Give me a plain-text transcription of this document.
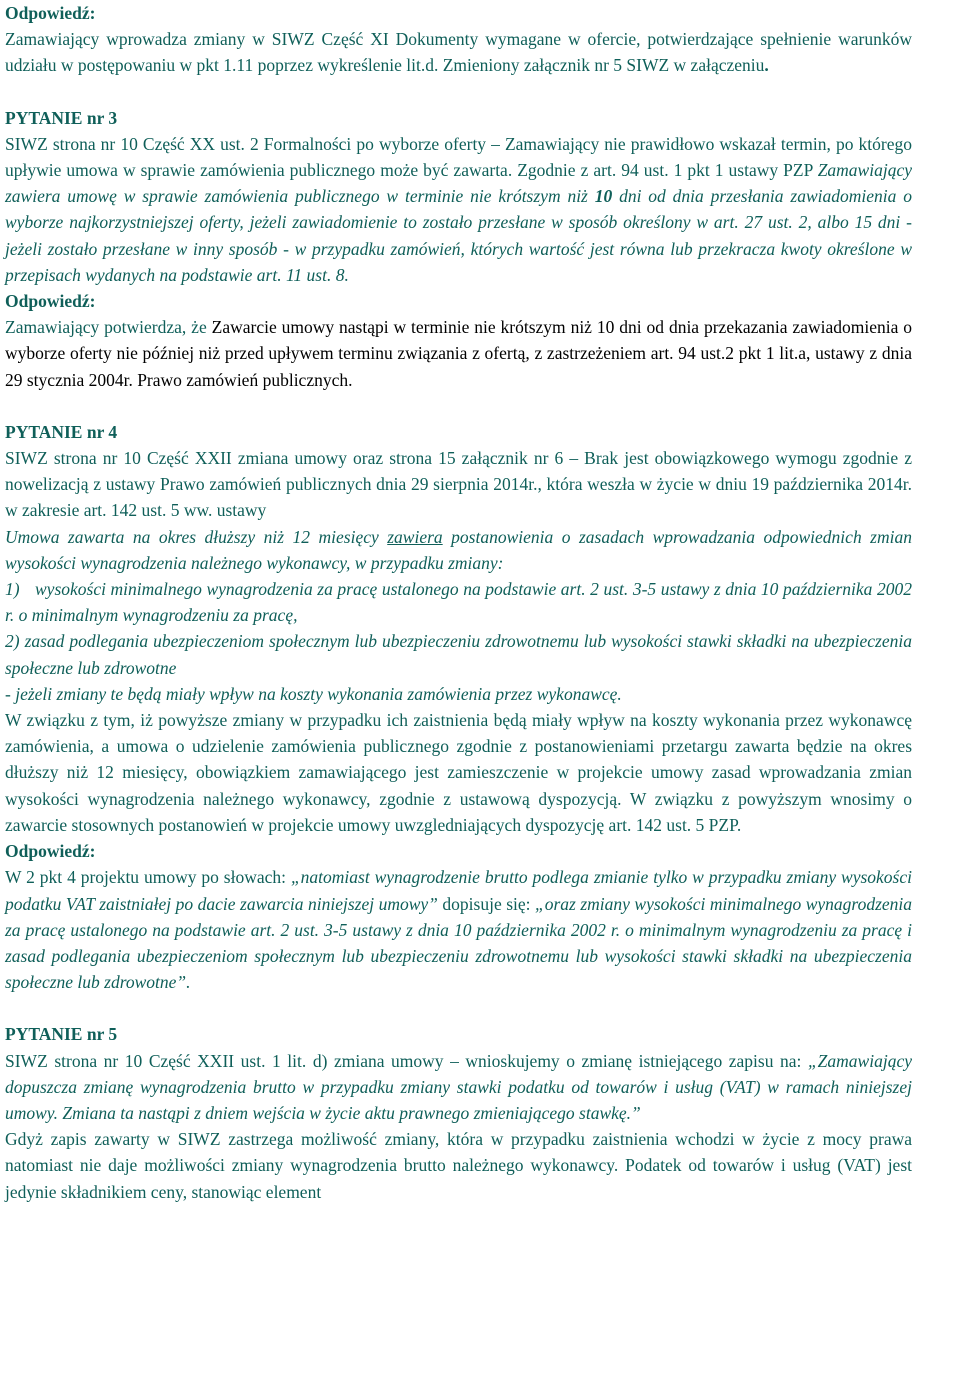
Odpowiedź:

Zamawiający wprowadza zmiany w SIWZ Część XI Dokumenty wymagane w ofercie, potwierdzające spełnienie warunków udziału w postępowaniu w pkt 1.11 poprzez wykreślenie lit.d. Zmieniony załącznik nr 5 SIWZ w załączeniu.

PYTANIE nr 3

SIWZ strona nr 10 Część XX ust. 2 Formalności po wyborze oferty – Zamawiający nie prawidłowo wskazał termin, po którego upływie umowa w sprawie zamówienia publicznego może być zawarta. Zgodnie z art. 94 ust. 1 pkt 1 ustawy PZP Zamawiający zawiera umowę w sprawie zamówienia publicznego w terminie nie krótszym niż 10 dni od dnia przesłania zawiadomienia o wyborze najkorzystniejszej oferty, jeżeli zawiadomienie to zostało przesłane w sposób określony w art. 27 ust. 2, albo 15 dni - jeżeli zostało przesłane w inny sposób - w przypadku zamówień, których wartość jest równa lub przekracza kwoty określone w przepisach wydanych na podstawie art. 11 ust. 8.

Odpowiedź:

Zamawiający potwierdza, że Zawarcie umowy nastąpi w terminie nie krótszym niż 10 dni od dnia przekazania zawiadomienia o wyborze oferty nie później niż przed upływem terminu związania z ofertą, z zastrzeżeniem art. 94 ust.2 pkt 1 lit.a, ustawy z dnia 29 stycznia 2004r. Prawo zamówień publicznych.

PYTANIE nr 4

SIWZ strona nr 10 Część XXII zmiana umowy oraz strona 15 załącznik nr 6 – Brak jest obowiązkowego wymogu zgodnie z nowelizacją z ustawy Prawo zamówień publicznych dnia 29 sierpnia 2014r., która weszła w życie w dniu 19 października 2014r. w zakresie art. 142 ust. 5 ww. ustawy

Umowa zawarta na okres dłuższy niż 12 miesięcy zawiera postanowienia o zasadach wprowadzania odpowiednich zmian wysokości wynagrodzenia należnego wykonawcy, w przypadku zmiany:

1) wysokości minimalnego wynagrodzenia za pracę ustalonego na podstawie art. 2 ust. 3-5 ustawy z dnia 10 października 2002 r. o minimalnym wynagrodzeniu za pracę,

2) zasad podlegania ubezpieczeniom społecznym lub ubezpieczeniu zdrowotnemu lub wysokości stawki składki na ubezpieczenia społeczne lub zdrowotne

- jeżeli zmiany te będą miały wpływ na koszty wykonania zamówienia przez wykonawcę.

W związku z tym, iż powyższe zmiany w przypadku ich zaistnienia będą miały wpływ na koszty wykonania przez wykonawcę zamówienia, a umowa o udzielenie zamówienia publicznego zgodnie z postanowieniami przetargu zawarta będzie na okres dłuższy niż 12 miesięcy, obowiązkiem zamawiającego jest zamieszczenie w projekcie umowy zasad wprowadzania zmian wysokości wynagrodzenia należnego wykonawcy, zgodnie z ustawową dyspozycją. W związku z powyższym wnosimy o zawarcie stosownych postanowień w projekcie umowy uwzgledniających dyspozycję art. 142 ust. 5 PZP.

Odpowiedź:

W 2 pkt 4 projektu umowy po słowach: „natomiast wynagrodzenie brutto podlega zmianie tylko w przypadku zmiany wysokości podatku VAT zaistniałej po dacie zawarcia niniejszej umowy” dopisuje się: „oraz zmiany wysokości minimalnego wynagrodzenia za pracę ustalonego na podstawie art. 2 ust. 3-5 ustawy z dnia 10 października 2002 r. o minimalnym wynagrodzeniu za pracę i zasad podlegania ubezpieczeniom społecznym lub ubezpieczeniu zdrowotnemu lub wysokości stawki składki na ubezpieczenia społeczne lub zdrowotne”.

PYTANIE nr 5

SIWZ strona nr 10 Część XXII ust. 1 lit. d) zmiana umowy – wnioskujemy o zmianę istniejącego zapisu na: „Zamawiający dopuszcza zmianę wynagrodzenia brutto w przypadku zmiany stawki podatku od towarów i usług (VAT) w ramach niniejszej umowy. Zmiana ta nastąpi z dniem wejścia w życie aktu prawnego zmieniającego stawkę.”

Gdyż zapis zawarty w SIWZ zastrzega możliwość zmiany, która w przypadku zaistnienia wchodzi w życie z mocy prawa natomiast nie daje możliwości zmiany wynagrodzenia brutto należnego wykonawcy. Podatek od towarów i usług (VAT) jest jedynie składnikiem ceny, stanowiąc element
